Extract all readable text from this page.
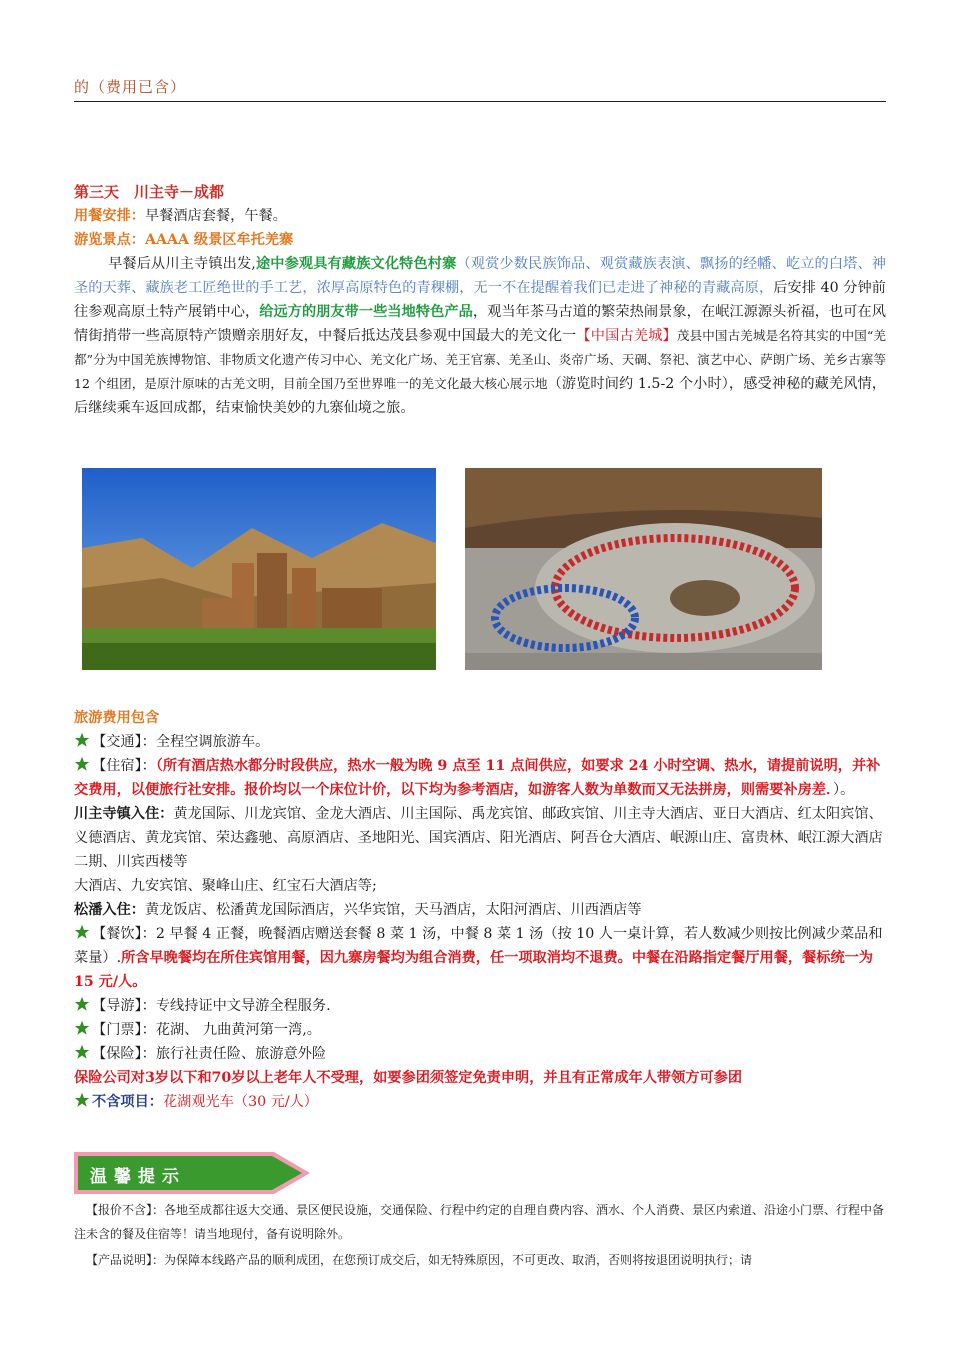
的（费用已含）

第三天　川主寺－成都

用餐安排：早餐酒店套餐，午餐。

游览景点：AAAA 级景区牟托羌寨

早餐后从川主寺镇出发,途中参观具有藏族文化特色村寨（观赏少数民族饰品、观赏藏族表演、飘扬的经幡、屹立的白塔、神圣的天葬、藏族老工匠绝世的手工艺，浓厚高原特色的青稞棚，无一不在提醒着我们已走进了神秘的青藏高原，后安排 40 分钟前往参观高原土特产展销中心，给远方的朋友带一些当地特色产品，观当年茶马古道的繁荣热闹景象，在岷江源源头祈福，也可在风情街捎带一些高原特产馈赠亲朋好友，中餐后抵达茂县参观中国最大的羌文化一【中国古羌城】茂县中国古羌城是名符其实的中国“羌都”分为中国羌族博物馆、非物质文化遗产传习中心、羌文化广场、羌王官寨、羌圣山、炎帝广场、天碉、祭祀、演艺中心、萨朗广场、羌乡古寨等 12 个组团，是原汁原味的古羌文明，目前全国乃至世界唯一的羌文化最大核心展示地（游览时间约 1.5-2 个小时），感受神秘的藏羌风情，后继续乘车返回成都，结束愉快美妙的九寨仙境之旅。

旅游费用包含

【交通】：全程空调旅游车。

【住宿】：（所有酒店热水都分时段供应，热水一般为晚 9 点至 11 点间供应，如要求 24 小时空调、热水，请提前说明，并补交费用，以便旅行社安排。报价均以一个床位计价，以下均为参考酒店，如游客人数为单数而又无法拼房，则需要补房差．）。

川主寺镇入住：黄龙国际、川龙宾馆、金龙大酒店、川主国际、禹龙宾馆、邮政宾馆、川主寺大酒店、亚日大酒店、红太阳宾馆、义德酒店、黄龙宾馆、荣达鑫驰、高原酒店、圣地阳光、国宾酒店、阳光酒店、阿吾仓大酒店、岷源山庄、富贵林、岷江源大酒店二期、川宾西楼等

大酒店、九安宾馆、聚峰山庄、红宝石大酒店等;

松潘入住：黄龙饭店、松潘黄龙国际酒店，兴华宾馆，天马酒店，太阳河酒店、川西酒店等

【餐饮】：2 早餐 4 正餐，晚餐酒店赠送套餐 8 菜 1 汤，中餐 8 菜 1 汤（按 10 人一桌计算，若人数减少则按比例减少菜品和菜量）.所含早晚餐均在所住宾馆用餐，因九寨房餐均为组合消费，任一项取消均不退费。中餐在沿路指定餐厅用餐，餐标统一为 15 元/人。

【导游】：专线持证中文导游全程服务.

【门票】：花湖、 九曲黄河第一湾,。

【保险】：旅行社责任险、旅游意外险

保险公司对3岁以下和70岁以上老年人不受理，如要参团须签定免责申明，并且有正常成年人带领方可参团

不含项目：花湖观光车（30 元/人）

温馨提示

【报价不含】：各地至成都往返大交通、景区便民设施，交通保险、行程中约定的自理自费内容、酒水、个人消费、景区内索道、沿途小门票、行程中备注未含的餐及住宿等！请当地现付，备有说明除外。

【产品说明】：为保障本线路产品的顺利成团，在您预订成交后，如无特殊原因，不可更改、取消，否则将按退团说明执行；请
